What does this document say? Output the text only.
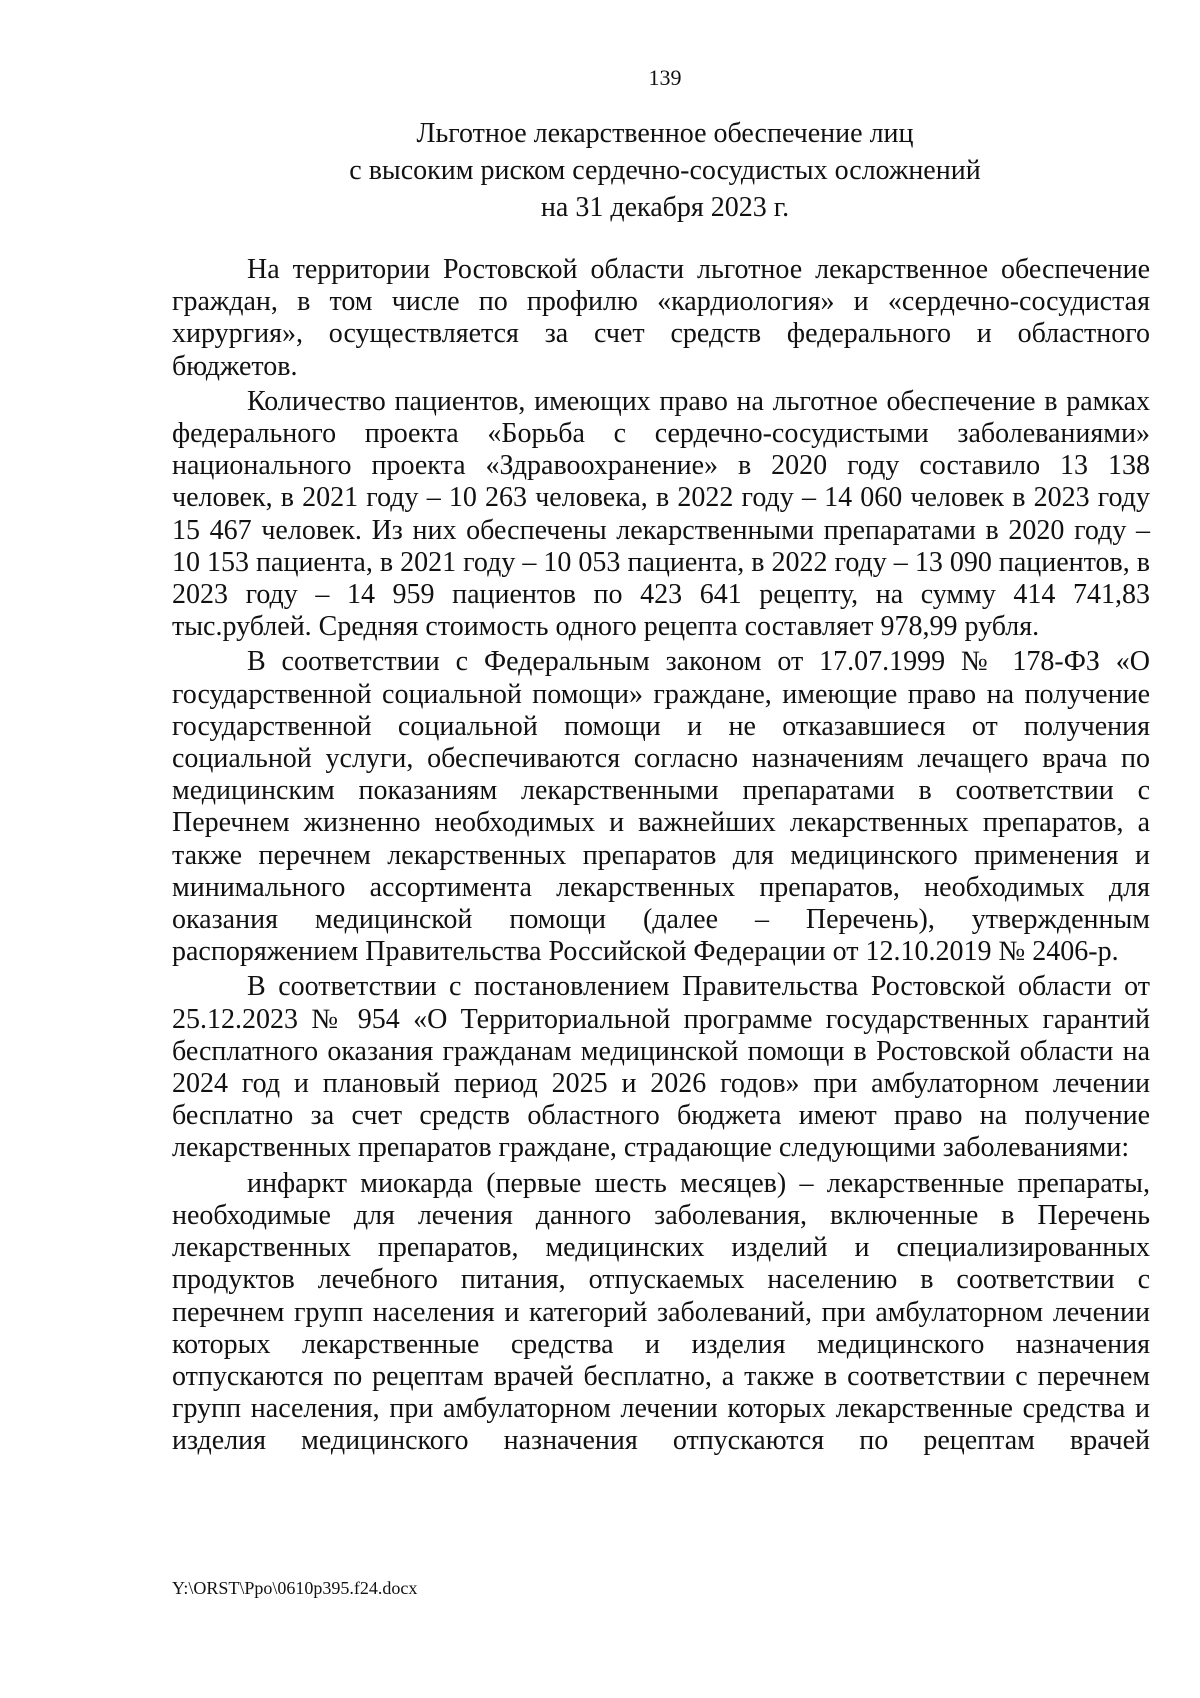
139
Льготное лекарственное обеспечение лиц
с высоким риском сердечно-сосудистых осложнений
на 31 декабря 2023 г.

На территории Ростовской области льготное лекарственное обеспечение граждан, в том числе по профилю «кардиология» и «сердечно-сосудистая хирургия», осуществляется за счет средств федерального и областного бюджетов.

Количество пациентов, имеющих право на льготное обеспечение в рамках федерального проекта «Борьба с сердечно-сосудистыми заболеваниями» национального проекта «Здравоохранение» в 2020 году составило 13 138 человек, в 2021 году – 10 263 человека, в 2022 году – 14 060 человек в 2023 году 15 467 человек. Из них обеспечены лекарственными препаратами в 2020 году – 10 153 пациента, в 2021 году – 10 053 пациента, в 2022 году – 13 090 пациентов, в 2023 году – 14 959 пациентов по 423 641 рецепту, на сумму 414 741,83 тыс.рублей. Средняя стоимость одного рецепта составляет 978,99 рубля.

В соответствии с Федеральным законом от 17.07.1999 № 178-ФЗ «О государственной социальной помощи» граждане, имеющие право на получение государственной социальной помощи и не отказавшиеся от получения социальной услуги, обеспечиваются согласно назначениям лечащего врача по медицинским показаниям лекарственными препаратами в соответствии с Перечнем жизненно необходимых и важнейших лекарственных препаратов, а также перечнем лекарственных препаратов для медицинского применения и минимального ассортимента лекарственных препаратов, необходимых для оказания медицинской помощи (далее – Перечень), утвержденным распоряжением Правительства Российской Федерации от 12.10.2019 № 2406-р.

В соответствии с постановлением Правительства Ростовской области от 25.12.2023 № 954 «О Территориальной программе государственных гарантий бесплатного оказания гражданам медицинской помощи в Ростовской области на 2024 год и плановый период 2025 и 2026 годов» при амбулаторном лечении бесплатно за счет средств областного бюджета имеют право на получение лекарственных препаратов граждане, страдающие следующими заболеваниями:

инфаркт миокарда (первые шесть месяцев) – лекарственные препараты, необходимые для лечения данного заболевания, включенные в Перечень лекарственных препаратов, медицинских изделий и специализированных продуктов лечебного питания, отпускаемых населению в соответствии с перечнем групп населения и категорий заболеваний, при амбулаторном лечении которых лекарственные средства и изделия медицинского назначения отпускаются по рецептам врачей бесплатно, а также в соответствии с перечнем групп населения, при амбулаторном лечении которых лекарственные средства и изделия медицинского назначения отпускаются по рецептам врачей

Y:\ORST\Ppo\0610p395.f24.docx
